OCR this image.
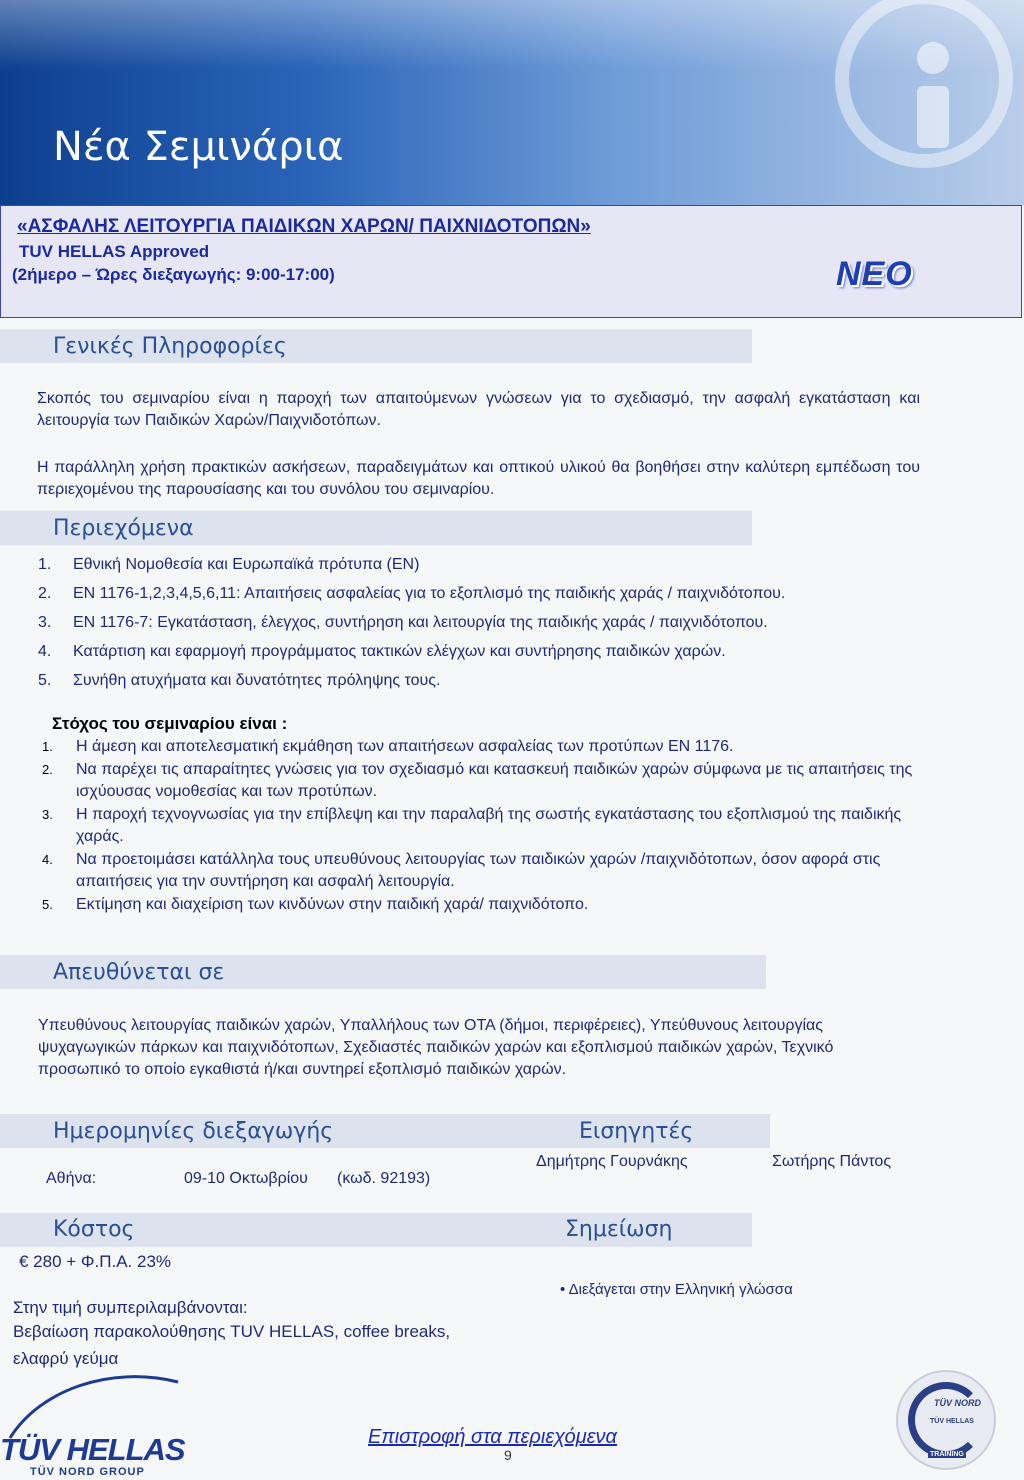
Νέα Σεμινάρια
«ΑΣΦΑΛΗΣ ΛΕΙΤΟΥΡΓΙΑ ΠΑΙΔΙΚΩΝ ΧΑΡΩΝ/ ΠΑΙΧΝΙΔΟΤΟΠΩΝ»
TUV HELLAS Approved
(2ήμερο – Ώρες διεξαγωγής: 9:00-17:00)	ΝΕΟ
Γενικές Πληροφορίες
Σκοπός του σεμιναρίου είναι η παροχή των απαιτούμενων γνώσεων για το σχεδιασμό, την ασφαλή εγκατάσταση και λειτουργία των Παιδικών Χαρών/Παιχνιδοτόπων.
Η παράλληλη χρήση πρακτικών ασκήσεων, παραδειγμάτων και οπτικού υλικού θα βοηθήσει στην καλύτερη εμπέδωση του περιεχομένου της παρουσίασης και του συνόλου του σεμιναρίου.
Περιεχόμενα
1. Εθνική Νομοθεσία και Ευρωπαϊκά πρότυπα (ΕΝ)
2. ΕΝ 1176-1,2,3,4,5,6,11: Απαιτήσεις ασφαλείας για το εξοπλισμό της παιδικής χαράς / παιχνιδότοπου.
3. ΕΝ 1176-7: Εγκατάσταση, έλεγχος, συντήρηση και λειτουργία της παιδικής χαράς / παιχνιδότοπου.
4. Κατάρτιση και εφαρμογή προγράμματος τακτικών ελέγχων και συντήρησης παιδικών χαρών.
5. Συνήθη ατυχήματα και δυνατότητες πρόληψης τους.
Στόχος του σεμιναρίου είναι :
1. Η άμεση και αποτελεσματική εκμάθηση των απαιτήσεων ασφαλείας των προτύπων ΕΝ 1176.
2. Να παρέχει τις απαραίτητες γνώσεις για τον σχεδιασμό και κατασκευή παιδικών χαρών σύμφωνα με τις απαιτήσεις της ισχύουσας νομοθεσίας και των προτύπων.
3. Η παροχή τεχνογνωσίας για την επίβλεψη και την παραλαβή της σωστής εγκατάστασης του εξοπλισμού της παιδικής χαράς.
4. Να προετοιμάσει κατάλληλα τους υπευθύνους λειτουργίας των παιδικών χαρών /παιχνιδότοπων, όσον αφορά στις απαιτήσεις για την συντήρηση και ασφαλή λειτουργία.
5. Εκτίμηση και διαχείριση των κινδύνων στην παιδική χαρά/ παιχνιδότοπο.
Απευθύνεται σε
Υπευθύνους λειτουργίας παιδικών χαρών, Υπαλλήλους των ΟΤΑ (δήμοι, περιφέρειες), Υπεύθυνους λειτουργίας ψυχαγωγικών πάρκων και παιχνιδότοπων, Σχεδιαστές παιδικών χαρών και εξοπλισμού παιδικών χαρών, Τεχνικό προσωπικό το οποίο εγκαθιστά ή/και συντηρεί εξοπλισμό παιδικών χαρών.
Ημερομηνίες διεξαγωγής	Εισηγητές
Αθήνα:	09-10 Οκτωβρίου (κωδ. 92193)
Δημήτρης Γουρνάκης	Σωτήρης Πάντος
Κόστος	Σημείωση
€ 280 + Φ.Π.Α. 23%
• Διεξάγεται στην Ελληνική γλώσσα
Στην τιμή συμπεριλαμβάνονται:
Βεβαίωση παρακολούθησης TUV HELLAS, coffee breaks,
ελαφρύ γεύμα
TÜV HELLAS
TÜV NORD GROUP
Επιστροφή στα περιεχόμενα
9
TÜV NORD
TÜV HELLAS
TRAINING
